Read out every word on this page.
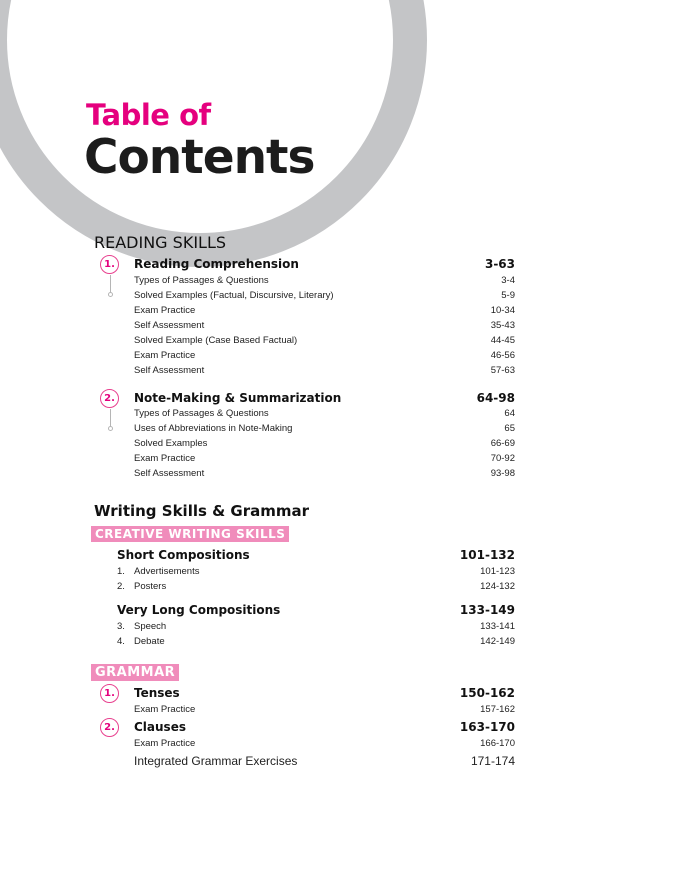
Table of
Contents
READING SKILLS
1.	Reading Comprehension	3-63
Types of Passages & Questions	3-4
Solved Examples (Factual, Discursive, Literary)	5-9
Exam Practice	10-34
Self Assessment	35-43
Solved Example (Case Based Factual)	44-45
Exam Practice	46-56
Self Assessment	57-63
2.	Note-Making & Summarization	64-98
Types of Passages & Questions	64
Uses of Abbreviations in Note-Making	65
Solved Examples	66-69
Exam Practice	70-92
Self Assessment	93-98
Writing Skills & Grammar
CREATIVE WRITING SKILLS
Short Compositions	101-132
1. Advertisements	101-123
2. Posters	124-132
Very Long Compositions	133-149
3. Speech	133-141
4. Debate	142-149
GRAMMAR
1.	Tenses	150-162
Exam Practice	157-162
2.	Clauses	163-170
Exam Practice	166-170
Integrated Grammar Exercises	171-174
